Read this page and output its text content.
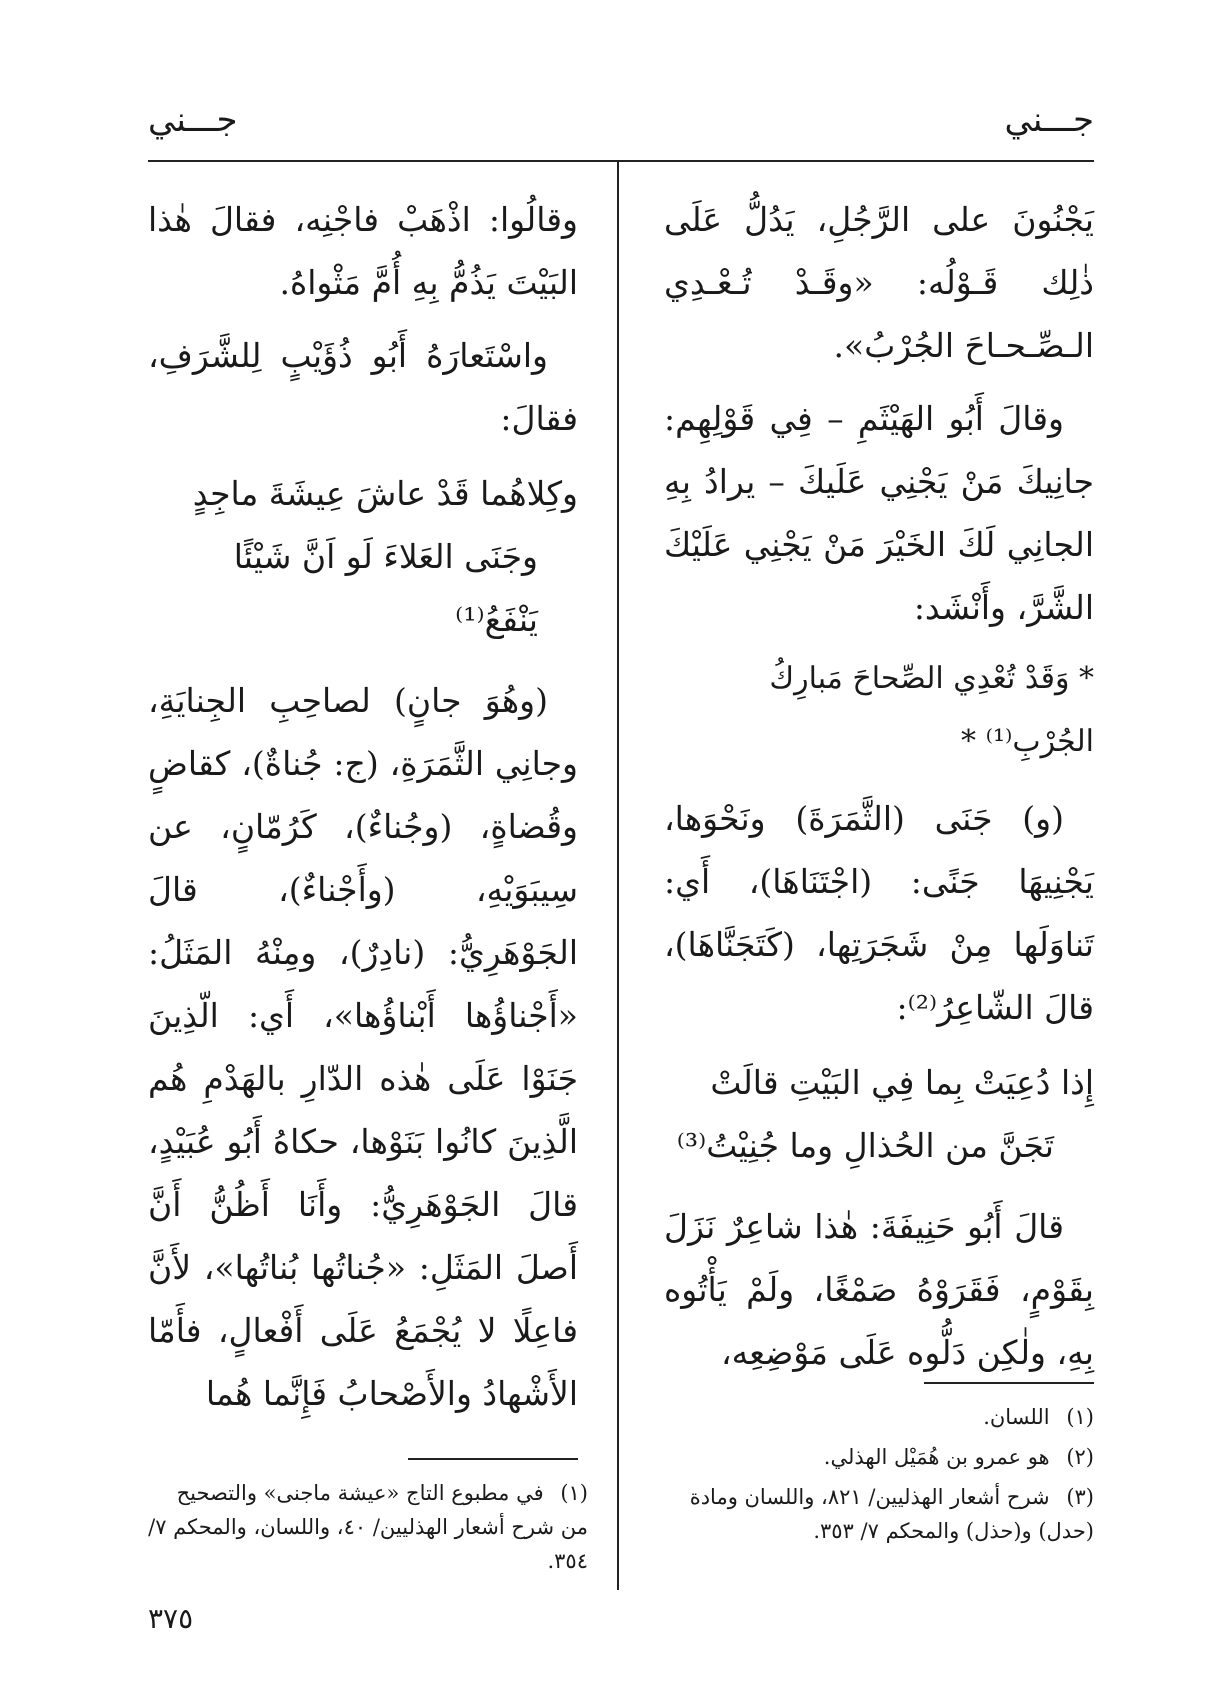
جـــني
جـــني

يَجْنُونَ على الرَّجُلِ، يَدُلُّ عَلَى ذٰلِك قَـوْلُه: «وقَـدْ تُـعْـدِي الـصِّـحـاحَ الجُرْبُ».

وقالَ أَبُو الهَيْثَمِ – فِي قَوْلِهِم: جانِيكَ مَنْ يَجْنِي عَلَيكَ – يرادُ بِهِ الجانِي لَكَ الخَيْرَ مَنْ يَجْنِي عَلَيْكَ الشَّرَّ، وأَنْشَد:

* وَقَدْ تُعْدِي الصِّحاحَ مَبارِكُ الجُرْبِ⁽¹⁾ *

(و) جَنَى (الثَّمَرَةَ) ونَحْوَها، يَجْنِيهَا جَنًى: (اجْتَنَاهَا)، أَي: تَناوَلَها مِنْ شَجَرَتِها، (كَتَجَنَّاهَا)، قالَ الشّاعِرُ⁽²⁾:

إِذا دُعِيَتْ بِما فِي البَيْتِ قالَتْ

تَجَنَّ من الحُذالِ وما جُنِيْتُ⁽³⁾

قالَ أَبُو حَنِيفَةَ: هٰذا شاعِرٌ نَزَلَ بِقَوْمٍ، فَقَرَوْهُ صَمْغًا، ولَمْ يَأْتُوه بِهِ، ولٰكِن دَلُّوه عَلَى مَوْضِعِه،

وقالُوا: اذْهَبْ فاجْنِه، فقالَ هٰذا البَيْتَ يَذُمُّ بِهِ أُمَّ مَثْواهُ.

واسْتَعارَهُ أَبُو ذُؤَيْبٍ لِلشَّرَفِ، فقالَ:

وكِلاهُما قَدْ عاشَ عِيشَةَ ماجِدٍ

وجَنَى العَلاءَ لَو اَنَّ شَيْئًا يَنْفَعُ⁽¹⁾

(وهُوَ جانٍ) لصاحِبِ الجِنايَةِ، وجانِي الثَّمَرَةِ، (ج: جُناةٌ)، كقاضٍ وقُضاةٍ، (وجُناءٌ)، كَرُمّانٍ، عن سِيبَوَيْهِ، (وأَجْناءٌ)، قالَ الجَوْهَرِيُّ: (نادِرٌ)، ومِنْهُ المَثَلُ: «أَجْناؤُها أَبْناؤُها»، أَي: الّذِينَ جَنَوْا عَلَى هٰذه الدّارِ بالهَدْمِ هُم الَّذِينَ كانُوا بَنَوْها، حكاهُ أَبُو عُبَيْدٍ، قالَ الجَوْهَرِيُّ: وأَنَا أَظُنُّ أَنَّ أَصلَ المَثَلِ: «جُناتُها بُناتُها»، لأَنَّ فاعِلًا لا يُجْمَعُ عَلَى أَفْعالٍ، فأَمّا الأَشْهادُ والأَصْحابُ فَإِنَّما هُما

(١) اللسان.

(٢) هو عمرو بن هُمَيْل الهذلي.

(٣) شرح أشعار الهذليين/ ٨٢١، واللسان ومادة (حدل) و(حذل) والمحكم ٧/ ٣٥٣.

(١) في مطبوع التاج «عيشة ماجنى» والتصحيح من شرح أشعار الهذليين/ ٤٠، واللسان، والمحكم ٧/ ٣٥٤.

٣٧٥
